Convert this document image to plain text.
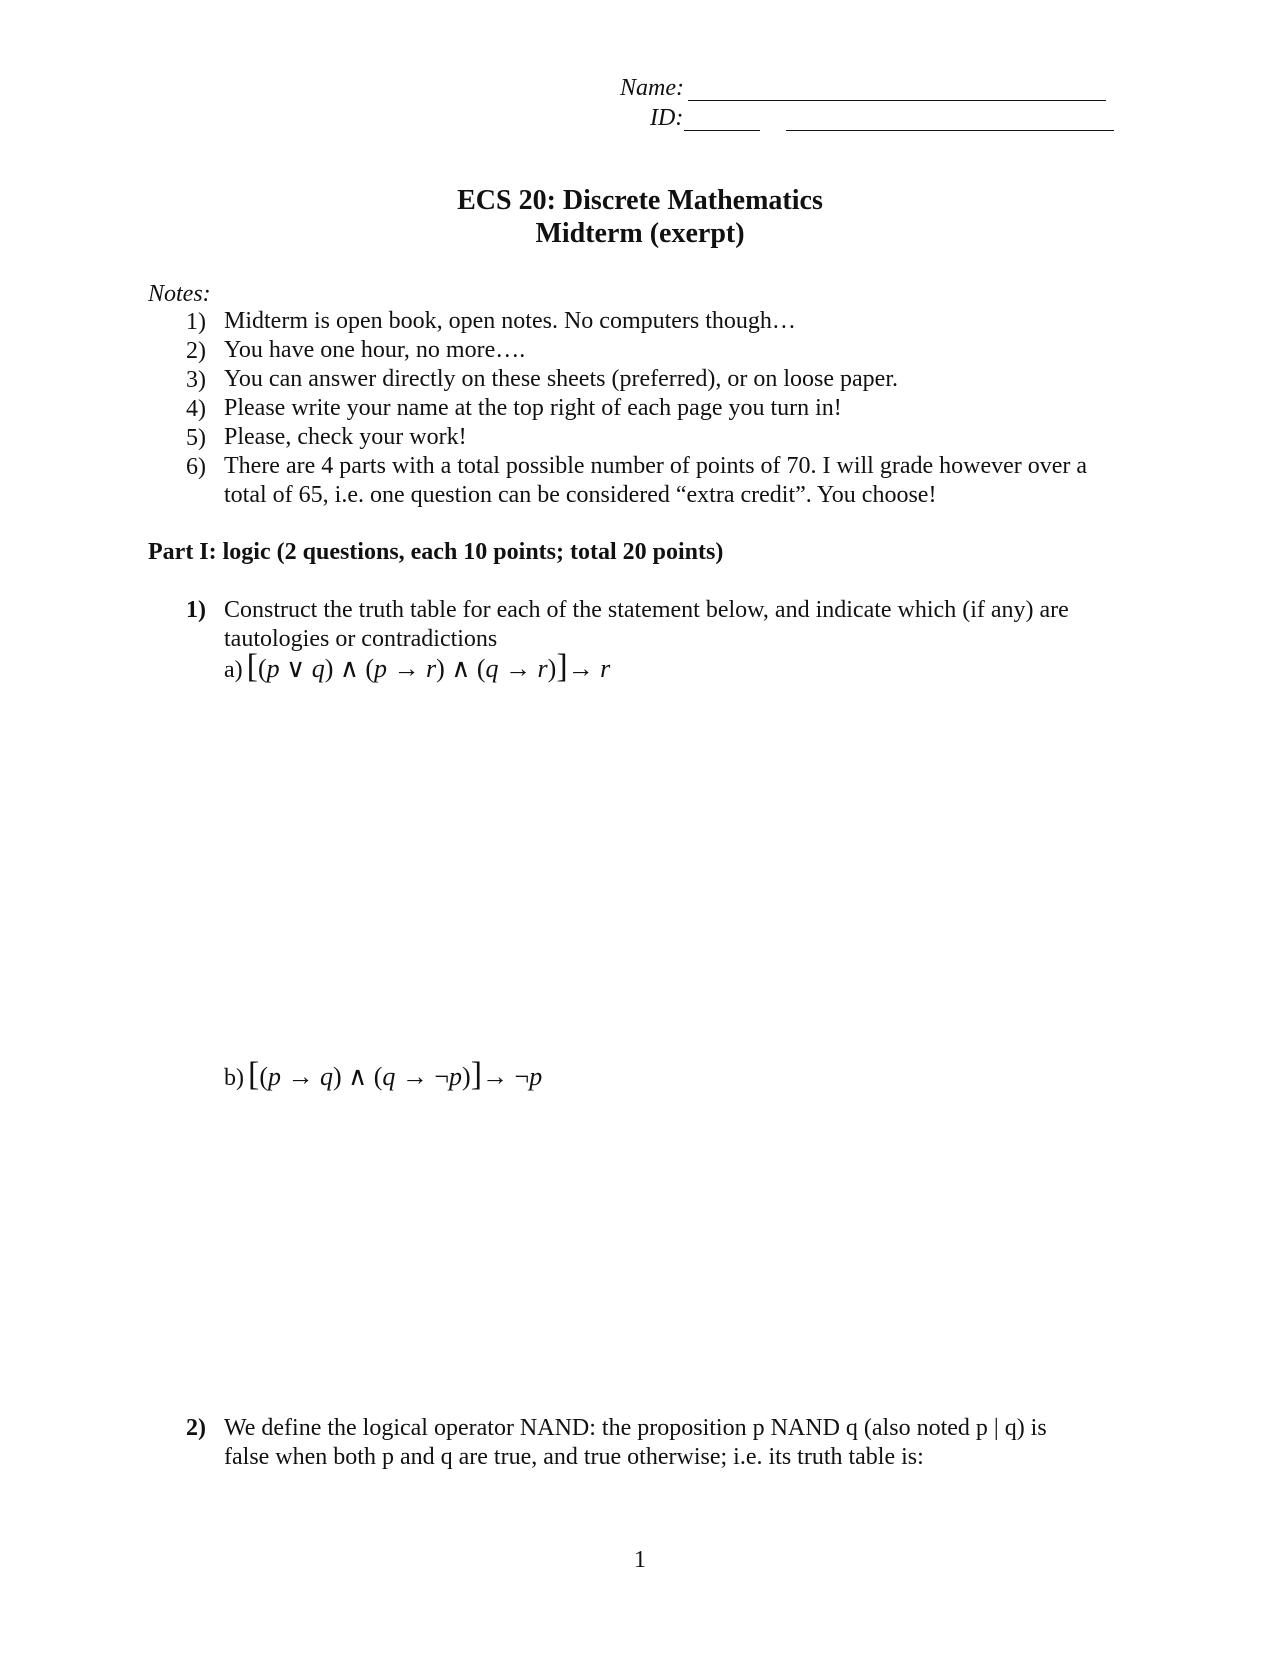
Name:
ID:
ECS 20: Discrete Mathematics
Midterm (exerpt)
Notes:
1) Midterm is open book, open notes. No computers though…
2) You have one hour, no more….
3) You can answer directly on these sheets (preferred), or on loose paper.
4) Please write your name at the top right of each page you turn in!
5) Please, check your work!
6) There are 4 parts with a total possible number of points of 70. I will grade however over a total of 65, i.e. one question can be considered “extra credit”. You choose!
Part I: logic (2 questions, each 10 points; total 20 points)
1) Construct the truth table for each of the statement below, and indicate which (if any) are
tautologies or contradictions
a) [(p ∨ q) ∧ (p → r) ∧ (q → r)]→ r
b) [(p → q) ∧ (q → ¬p)]→ ¬p
2) We define the logical operator NAND: the proposition p NAND q (also noted p | q) is
false when both p and q are true, and true otherwise; i.e. its truth table is:
1
